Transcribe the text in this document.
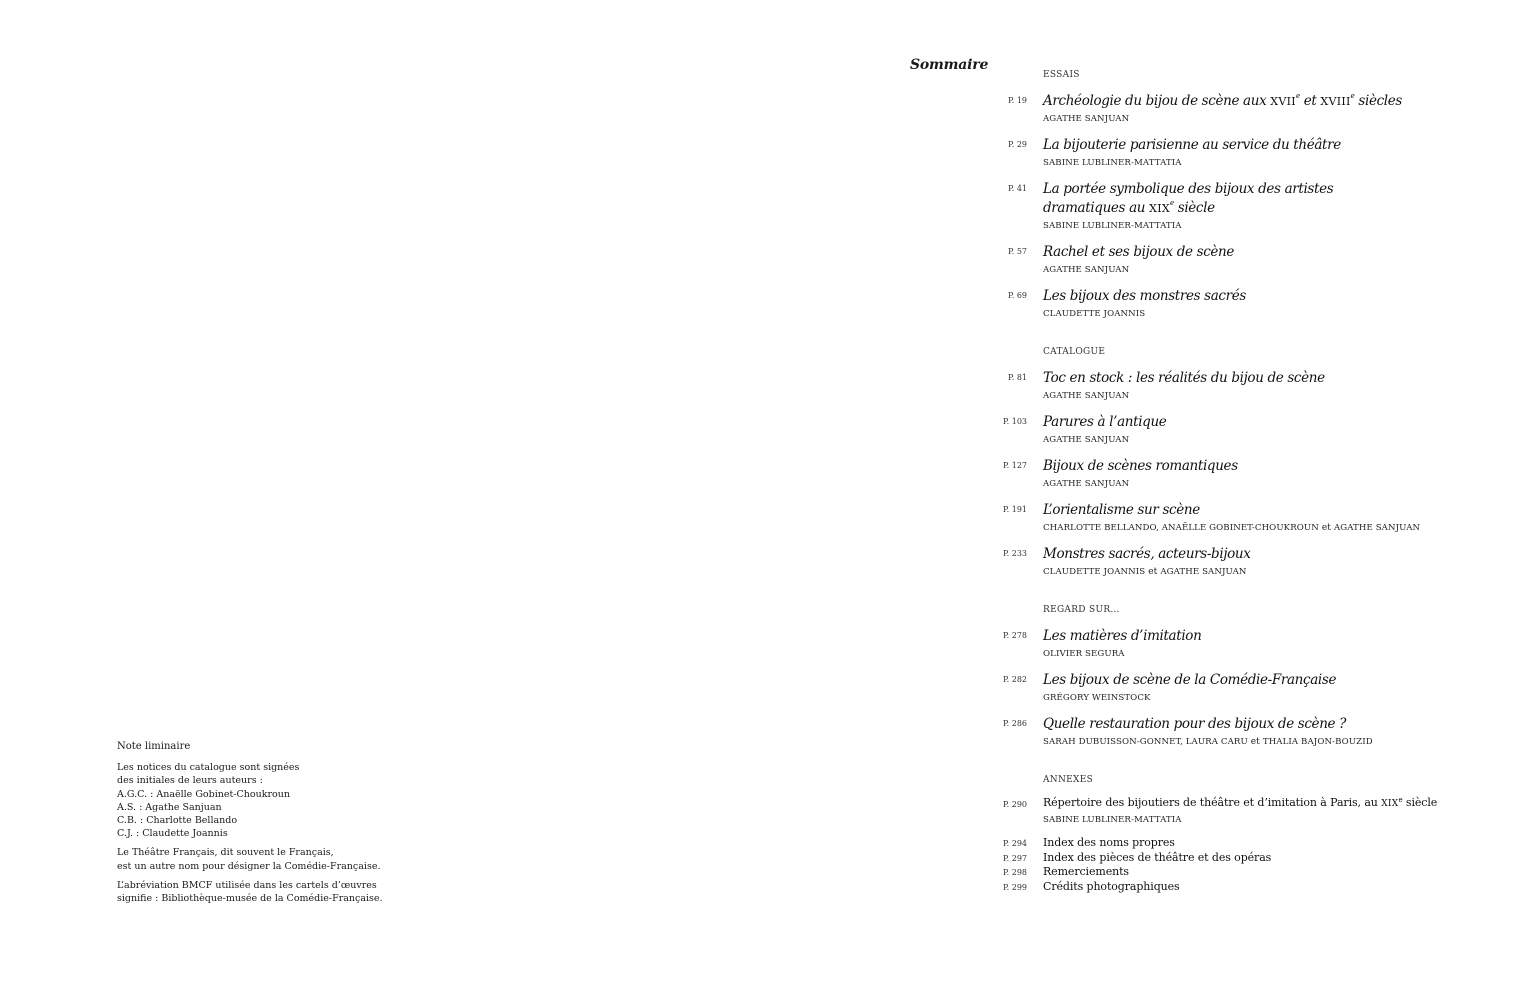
Sommaire
ESSAIS
P. 19 Archéologie du bijou de scène aux XVIIe et XVIIIe siècles
AGATHE SANJUAN
P. 29 La bijouterie parisienne au service du théâtre
SABINE LUBLINER-MATTATIA
P. 41 La portée symbolique des bijoux des artistes dramatiques au XIXe siècle
SABINE LUBLINER-MATTATIA
P. 57 Rachel et ses bijoux de scène
AGATHE SANJUAN
P. 69 Les bijoux des monstres sacrés
CLAUDETTE JOANNIS
CATALOGUE
P. 81 Toc en stock : les réalités du bijou de scène
AGATHE SANJUAN
P. 103 Parures à l’antique
AGATHE SANJUAN
P. 127 Bijoux de scènes romantiques
AGATHE SANJUAN
P. 191 L’orientalisme sur scène
CHARLOTTE BELLANDO, ANAËLLE GOBINET-CHOUKROUN et AGATHE SANJUAN
P. 233 Monstres sacrés, acteurs-bijoux
CLAUDETTE JOANNIS et AGATHE SANJUAN
REGARD SUR…
P. 278 Les matières d’imitation
OLIVIER SEGURA
P. 282 Les bijoux de scène de la Comédie-Française
GRÉGORY WEINSTOCK
P. 286 Quelle restauration pour des bijoux de scène ?
SARAH DUBUISSON-GONNET, LAURA CARU et THALIA BAJON-BOUZID
ANNEXES
P. 290 Répertoire des bijoutiers de théâtre et d’imitation à Paris, au XIXe siècle
SABINE LUBLINER-MATTATIA
P. 294 Index des noms propres
P. 297 Index des pièces de théâtre et des opéras
P. 298 Remerciements
P. 299 Crédits photographiques
Note liminaire

Les notices du catalogue sont signées
des initiales de leurs auteurs :
A.G.C. : Anaëlle Gobinet-Choukroun
A.S. : Agathe Sanjuan
C.B. : Charlotte Bellando
C.J. : Claudette Joannis

Le Théâtre Français, dit souvent le Français,
est un autre nom pour désigner la Comédie-Française.

L’abréviation BMCF utilisée dans les cartels d’œuvres
signifie : Bibliothèque-musée de la Comédie-Française.
